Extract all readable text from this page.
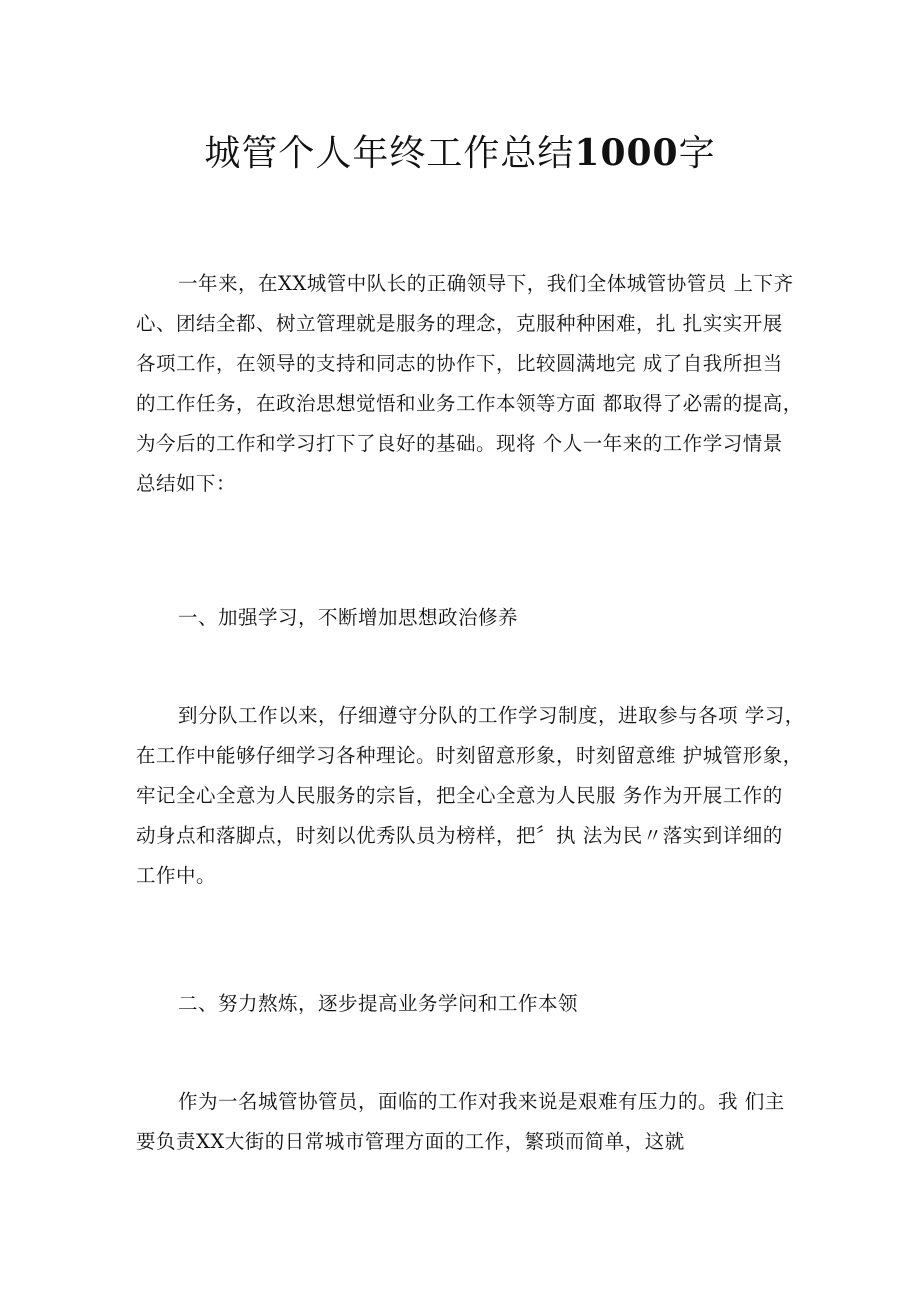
城管个人年终工作总结1000字

一年来，在XX城管中队长的正确领导下，我们全体城管协管员 上下齐
心、团结全都、树立管理就是服务的理念，克服种种困难，扎 扎实实开展
各项工作，在领导的支持和同志的协作下，比较圆满地完 成了自我所担当
的工作任务，在政治思想觉悟和业务工作本领等方面 都取得了必需的提高，
为今后的工作和学习打下了良好的基础。现将 个人一年来的工作学习情景
总结如下：

一、加强学习，不断增加思想政治修养

到分队工作以来，仔细遵守分队的工作学习制度，进取参与各项 学习，
在工作中能够仔细学习各种理论。时刻留意形象，时刻留意维 护城管形象，
牢记全心全意为人民服务的宗旨，把全心全意为人民服 务作为开展工作的
动身点和落脚点，时刻以优秀队员为榜样，把〞执 法为民〃落实到详细的
工作中。

二、努力熬炼，逐步提高业务学问和工作本领

作为一名城管协管员，面临的工作对我来说是艰难有压力的。我 们主
要负责XX大街的日常城市管理方面的工作，繁琐而简单，这就
